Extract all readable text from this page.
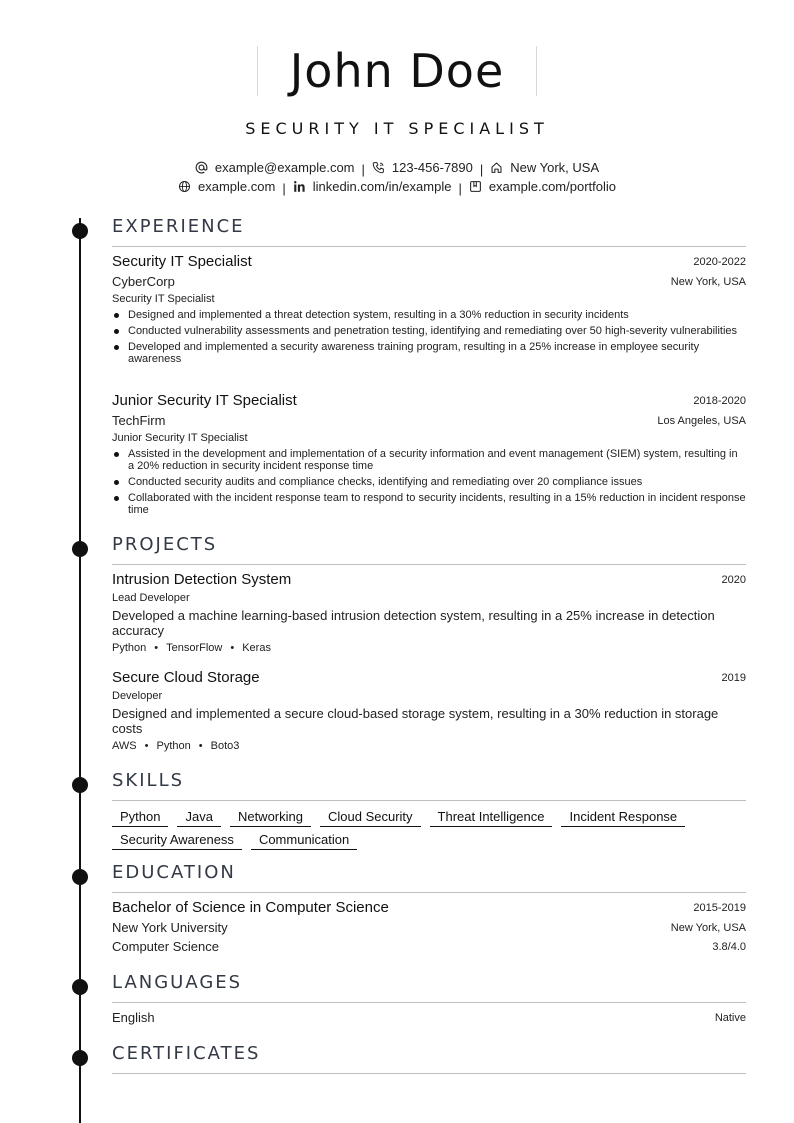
John Doe
SECURITY IT SPECIALIST
example@example.com | 123-456-7890 | New York, USA
example.com | linkedin.com/in/example | example.com/portfolio
EXPERIENCE
Security IT Specialist	2020-2022
CyberCorp	New York, USA
Security IT Specialist
Designed and implemented a threat detection system, resulting in a 30% reduction in security incidents
Conducted vulnerability assessments and penetration testing, identifying and remediating over 50 high-severity vulnerabilities
Developed and implemented a security awareness training program, resulting in a 25% increase in employee security awareness
Junior Security IT Specialist	2018-2020
TechFirm	Los Angeles, USA
Junior Security IT Specialist
Assisted in the development and implementation of a security information and event management (SIEM) system, resulting in a 20% reduction in security incident response time
Conducted security audits and compliance checks, identifying and remediating over 20 compliance issues
Collaborated with the incident response team to respond to security incidents, resulting in a 15% reduction in incident response time
PROJECTS
Intrusion Detection System	2020
Lead Developer
Developed a machine learning-based intrusion detection system, resulting in a 25% increase in detection accuracy
Python • TensorFlow • Keras
Secure Cloud Storage	2019
Developer
Designed and implemented a secure cloud-based storage system, resulting in a 30% reduction in storage costs
AWS • Python • Boto3
SKILLS
Python Java Networking Cloud Security Threat Intelligence Incident Response
Security Awareness Communication
EDUCATION
Bachelor of Science in Computer Science	2015-2019
New York University	New York, USA
Computer Science	3.8/4.0
LANGUAGES
English	Native
CERTIFICATES
